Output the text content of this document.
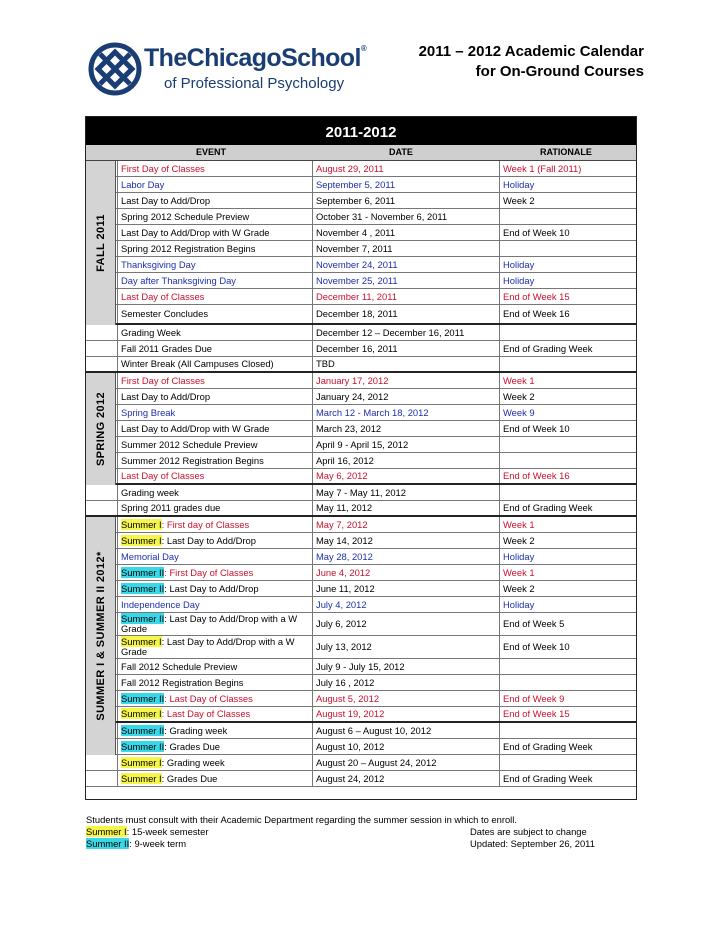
TheChicagoSchool®
of Professional Psychology
2011 – 2012 Academic Calendar
for On-Ground Courses
2011-2012
EVENT	DATE	RATIONALE
First Day of Classes	August 29, 2011	Week 1 (Fall 2011)
Labor Day	September 5, 2011	Holiday
Last Day to Add/Drop	September 6, 2011	Week 2
Spring 2012 Schedule Preview	October 31 - November 6, 2011
Last Day to Add/Drop with W Grade	November 4 , 2011	End of Week 10
Spring 2012 Registration Begins	November 7, 2011
Thanksgiving Day	November 24, 2011	Holiday
Day after Thanksgiving Day	November 25, 2011	Holiday
Last Day of Classes	December 11, 2011	End of Week 15
Semester Concludes	December 18, 2011	End of Week 16
Grading Week	December 12 – December 16, 2011
Fall 2011 Grades Due	December 16, 2011	End of Grading Week
Winter Break (All Campuses Closed)	TBD
First Day of Classes	January 17, 2012	Week 1
Last Day to Add/Drop	January 24, 2012	Week 2
Spring Break	March 12 - March 18, 2012	Week 9
Last Day to Add/Drop with W Grade	March 23, 2012	End of Week 10
Summer 2012 Schedule Preview	April 9 - April 15, 2012
Summer 2012 Registration Begins	April 16, 2012
Last Day of Classes	May 6, 2012	End of Week 16
Grading week	May 7 - May 11, 2012
Spring 2011 grades due	May 11, 2012	End of Grading Week
Summer I: First day of Classes	May 7, 2012	Week 1
Summer I: Last Day to Add/Drop	May 14, 2012	Week 2
Memorial Day	May 28, 2012	Holiday
Summer II: First Day of Classes	June 4, 2012	Week 1
Summer II: Last Day to Add/Drop	June 11, 2012	Week 2
Independence Day	July 4, 2012	Holiday
Summer II: Last Day to Add/Drop with a W Grade	July 6, 2012	End of Week 5
Summer I: Last Day to Add/Drop with a W Grade	July 13, 2012	End of Week 10
Fall 2012 Schedule Preview	July 9 - July 15, 2012
Fall 2012 Registration Begins	July 16 , 2012
Summer II: Last Day of Classes	August 5, 2012	End of Week 9
Summer I: Last Day of Classes	August 19, 2012	End of Week 15
Summer II: Grading week	August 6 – August 10, 2012
Summer II: Grades Due	August 10, 2012	End of Grading Week
Summer I: Grading week	August 20 – August 24, 2012
Summer I: Grades Due	August 24, 2012	End of Grading Week
FALL 2011
SPRING 2012
SUMMER I & SUMMER II 2012*
Students must consult with their Academic Department regarding the summer session in which to enroll.
Summer I: 15-week semester
Summer II: 9-week term
Dates are subject to change
Updated: September 26, 2011
